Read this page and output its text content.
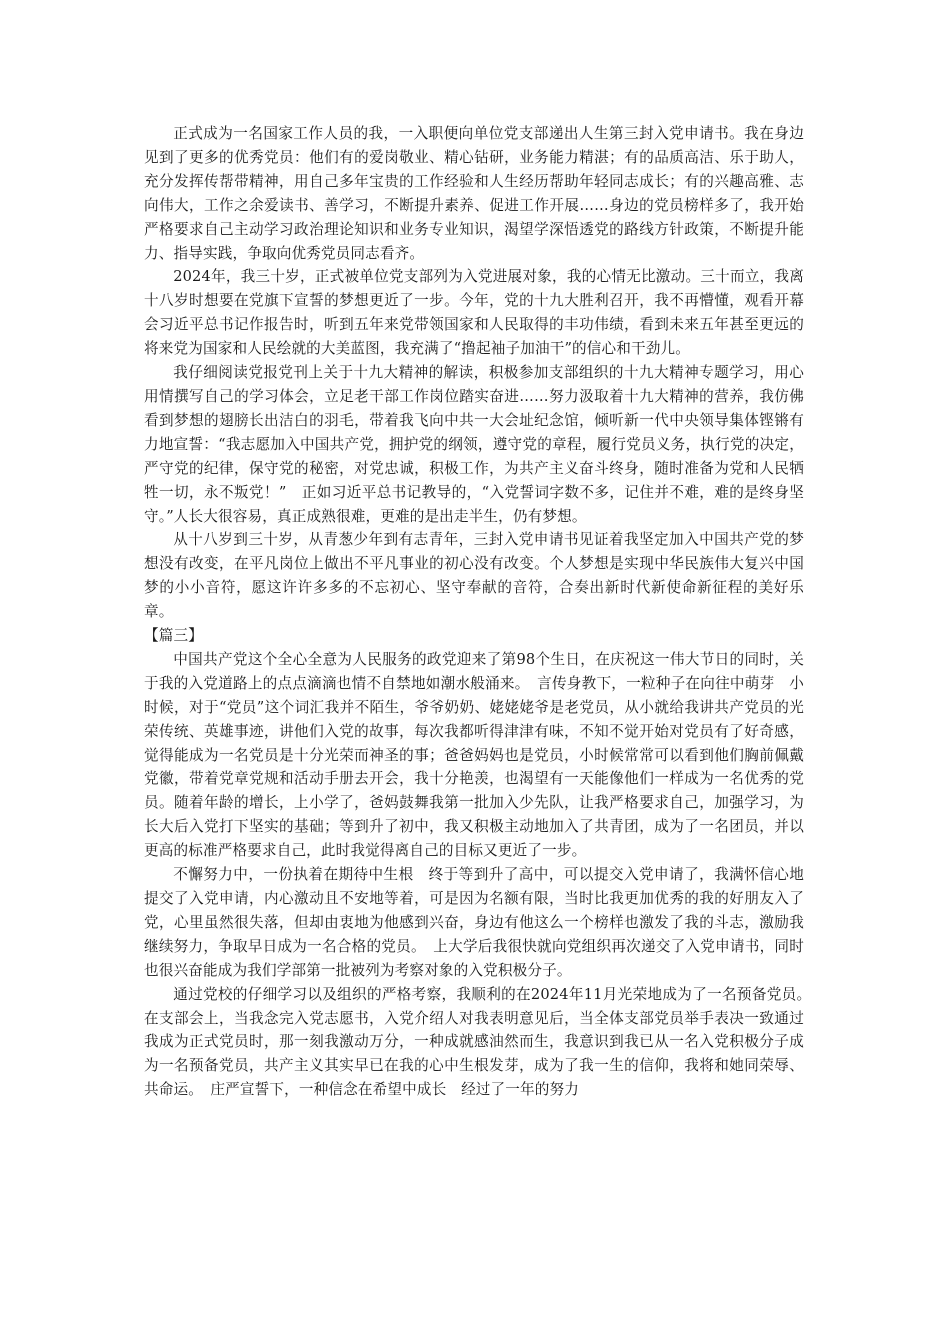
正式成为一名国家工作人员的我，一入职便向单位党支部递出人生第三封入党申请书。我在身边见到了更多的优秀党员：他们有的爱岗敬业、精心钻研，业务能力精湛；有的品质高洁、乐于助人，充分发挥传帮带精神，用自己多年宝贵的工作经验和人生经历帮助年轻同志成长；有的兴趣高雅、志向伟大，工作之余爱读书、善学习，不断提升素养、促进工作开展……身边的党员榜样多了，我开始严格要求自己主动学习政治理论知识和业务专业知识，渴望学深悟透党的路线方针政策，不断提升能力、指导实践，争取向优秀党员同志看齐。

2024年，我三十岁，正式被单位党支部列为入党进展对象，我的心情无比激动。三十而立，我离十八岁时想要在党旗下宣誓的梦想更近了一步。今年，党的十九大胜利召开，我不再懵懂，观看开幕会习近平总书记作报告时，听到五年来党带领国家和人民取得的丰功伟绩，看到未来五年甚至更远的将来党为国家和人民绘就的大美蓝图，我充满了“撸起袖子加油干”的信心和干劲儿。

我仔细阅读党报党刊上关于十九大精神的解读，积极参加支部组织的十九大精神专题学习，用心用情撰写自己的学习体会，立足老干部工作岗位踏实奋进……努力汲取着十九大精神的营养，我仿佛看到梦想的翅膀长出洁白的羽毛，带着我飞向中共一大会址纪念馆，倾听新一代中央领导集体铿锵有力地宣誓：“我志愿加入中国共产党，拥护党的纲领，遵守党的章程，履行党员义务，执行党的决定，严守党的纪律，保守党的秘密，对党忠诚，积极工作，为共产主义奋斗终身，随时准备为党和人民牺牲一切，永不叛党！”　正如习近平总书记教导的，“入党誓词字数不多，记住并不难，难的是终身坚守。”人长大很容易，真正成熟很难，更难的是出走半生，仍有梦想。

从十八岁到三十岁，从青葱少年到有志青年，三封入党申请书见证着我坚定加入中国共产党的梦想没有改变，在平凡岗位上做出不平凡事业的初心没有改变。个人梦想是实现中华民族伟大复兴中国梦的小小音符，愿这许许多多的不忘初心、坚守奉献的音符，合奏出新时代新使命新征程的美好乐章。

【篇三】

中国共产党这个全心全意为人民服务的政党迎来了第98个生日，在庆祝这一伟大节日的同时，关于我的入党道路上的点点滴滴也情不自禁地如潮水般涌来。　言传身教下，一粒种子在向往中萌芽　小时候，对于“党员”这个词汇我并不陌生，爷爷奶奶、姥姥姥爷是老党员，从小就给我讲共产党员的光荣传统、英雄事迹，讲他们入党的故事，每次我都听得津津有味，不知不觉开始对党员有了好奇感，觉得能成为一名党员是十分光荣而神圣的事；爸爸妈妈也是党员，小时候常常可以看到他们胸前佩戴党徽，带着党章党规和活动手册去开会，我十分艳羡，也渴望有一天能像他们一样成为一名优秀的党员。随着年龄的增长，上小学了，爸妈鼓舞我第一批加入少先队，让我严格要求自己，加强学习，为长大后入党打下坚实的基础；等到升了初中，我又积极主动地加入了共青团，成为了一名团员，并以更高的标准严格要求自己，此时我觉得离自己的目标又更近了一步。

不懈努力中，一份执着在期待中生根　终于等到升了高中，可以提交入党申请了，我满怀信心地提交了入党申请，内心激动且不安地等着，可是因为名额有限，当时比我更加优秀的我的好朋友入了党，心里虽然很失落，但却由衷地为他感到兴奋，身边有他这么一个榜样也激发了我的斗志，激励我继续努力，争取早日成为一名合格的党员。　上大学后我很快就向党组织再次递交了入党申请书，同时也很兴奋能成为我们学部第一批被列为考察对象的入党积极分子。

通过党校的仔细学习以及组织的严格考察，我顺利的在2024年11月光荣地成为了一名预备党员。　在支部会上，当我念完入党志愿书，入党介绍人对我表明意见后，当全体支部党员举手表决一致通过我成为正式党员时，那一刻我激动万分，一种成就感油然而生，我意识到我已从一名入党积极分子成为一名预备党员，共产主义其实早已在我的心中生根发芽，成为了我一生的信仰，我将和她同荣辱、共命运。　庄严宣誓下，一种信念在希望中成长　经过了一年的努力
